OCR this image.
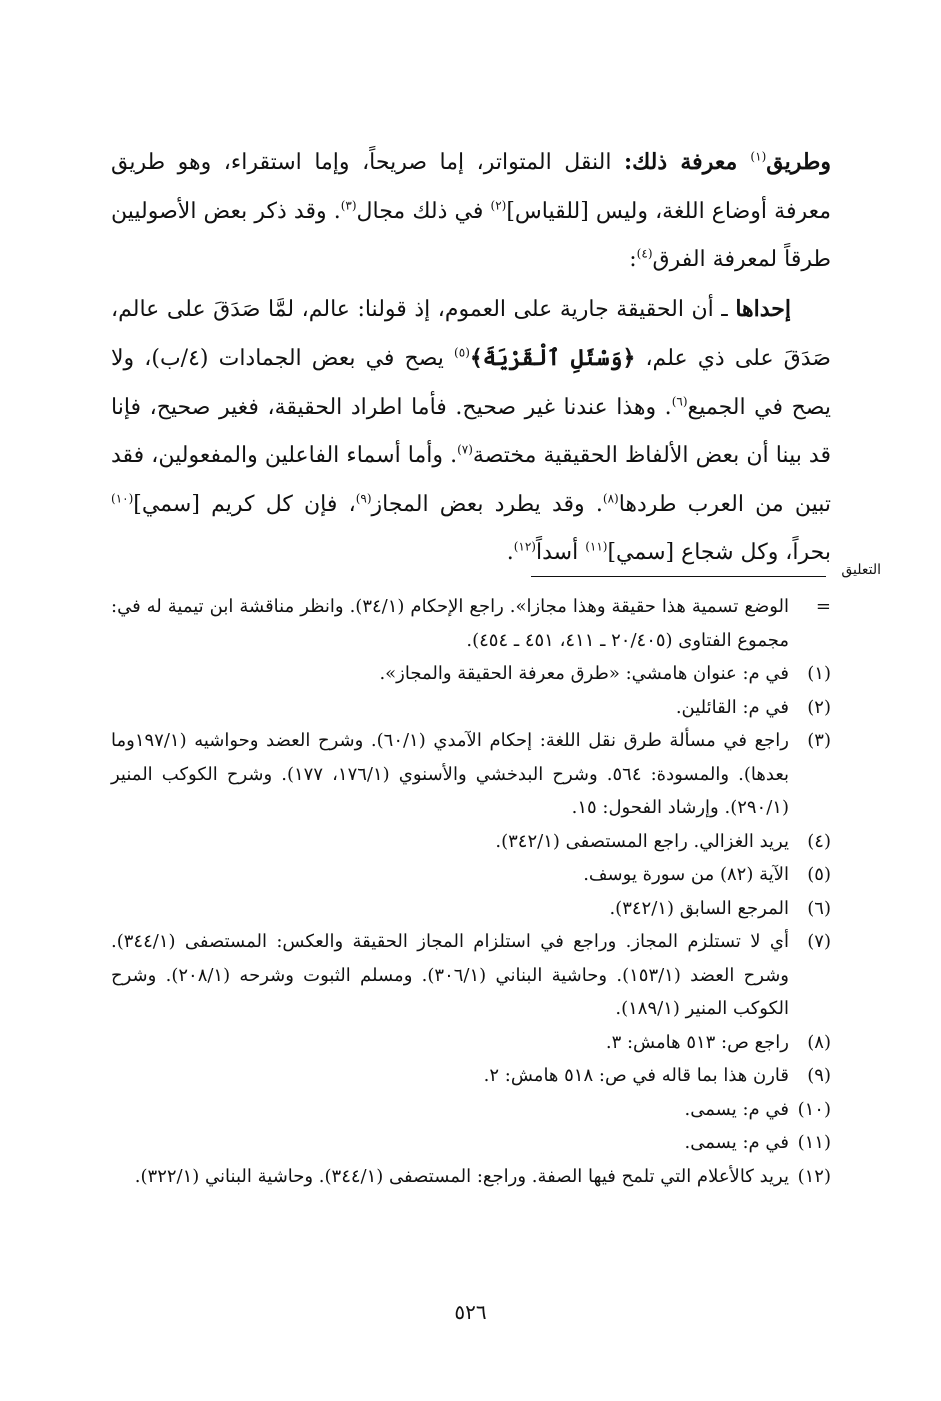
وطريق$^{(١)}$ معرفة ذلك: النقل المتواتر، إما صريحاً، وإما استقراء، وهو طريق معرفة أوضاع اللغة، وليس [للقياس]$^{(٢)}$ في ذلك مجال$^{(٣)}$. وقد ذكر بعض الأصوليين طرقاً لمعرفة الفرق$^{(٤)}$:

إحداها ـ أن الحقيقة جارية على العموم، إذ قولنا: عالم، لمَّا صَدَقَ على عالم، صَدَقَ على ذي علم، ﴿وَسْئَلِ ٱلْقَرْيَةَ﴾$^{(٥)}$ يصح في بعض الجمادات (٤/ب)، ولا يصح في الجميع$^{(٦)}$. وهذا عندنا غير صحيح. فأما اطراد الحقيقة، فغير صحيح، فإنا قد بينا أن بعض الألفاظ الحقيقية مختصة$^{(٧)}$. وأما أسماء الفاعلين والمفعولين، فقد تبين من العرب طردها$^{(٨)}$. وقد يطرد بعض المجاز$^{(٩)}$، فإن كل كريم [سمي]$^{(١٠)}$ بحراً، وكل شجاع [سمي]$^{(١١)}$ أسداً$^{(١٢)}$.

التعليق
=
الوضع تسمية هذا حقيقة وهذا مجازا». راجع الإحكام (٣٤/١). وانظر مناقشة ابن تيمية له في: مجموع الفتاوى (٢٠/٤٠٥ ـ ٤١١، ٤٥١ ـ ٤٥٤).
(١)
في م: عنوان هامشي: «طرق معرفة الحقيقة والمجاز».
(٢)
في م: القائلين.
(٣)
راجع في مسألة طرق نقل اللغة: إحكام الآمدي (٦٠/١). وشرح العضد وحواشيه (١٩٧/١وما بعدها). والمسودة: ٥٦٤. وشرح البدخشي والأسنوي (١٧٦/١، ١٧٧). وشرح الكوكب المنير (٢٩٠/١). وإرشاد الفحول: ١٥.
(٤)
يريد الغزالي. راجع المستصفى (٣٤٢/١).
(٥)
الآية (٨٢) من سورة يوسف.
(٦)
المرجع السابق (٣٤٢/١).
(٧)
أي لا تستلزم المجاز. وراجع في استلزام المجاز الحقيقة والعكس: المستصفى (٣٤٤/١). وشرح العضد (١٥٣/١). وحاشية البناني (٣٠٦/١). ومسلم الثبوت وشرحه (٢٠٨/١). وشرح الكوكب المنير (١٨٩/١).
(٨)
راجع ص: ٥١٣ هامش: ٣.
(٩)
قارن هذا بما قاله في ص: ٥١٨ هامش: ٢.
(١٠)
في م: يسمى.
(١١)
في م: يسمى.
(١٢)
يريد كالأعلام التي تلمح فيها الصفة. وراجع: المستصفى (٣٤٤/١). وحاشية البناني (٣٢٢/١).
٥٢٦
